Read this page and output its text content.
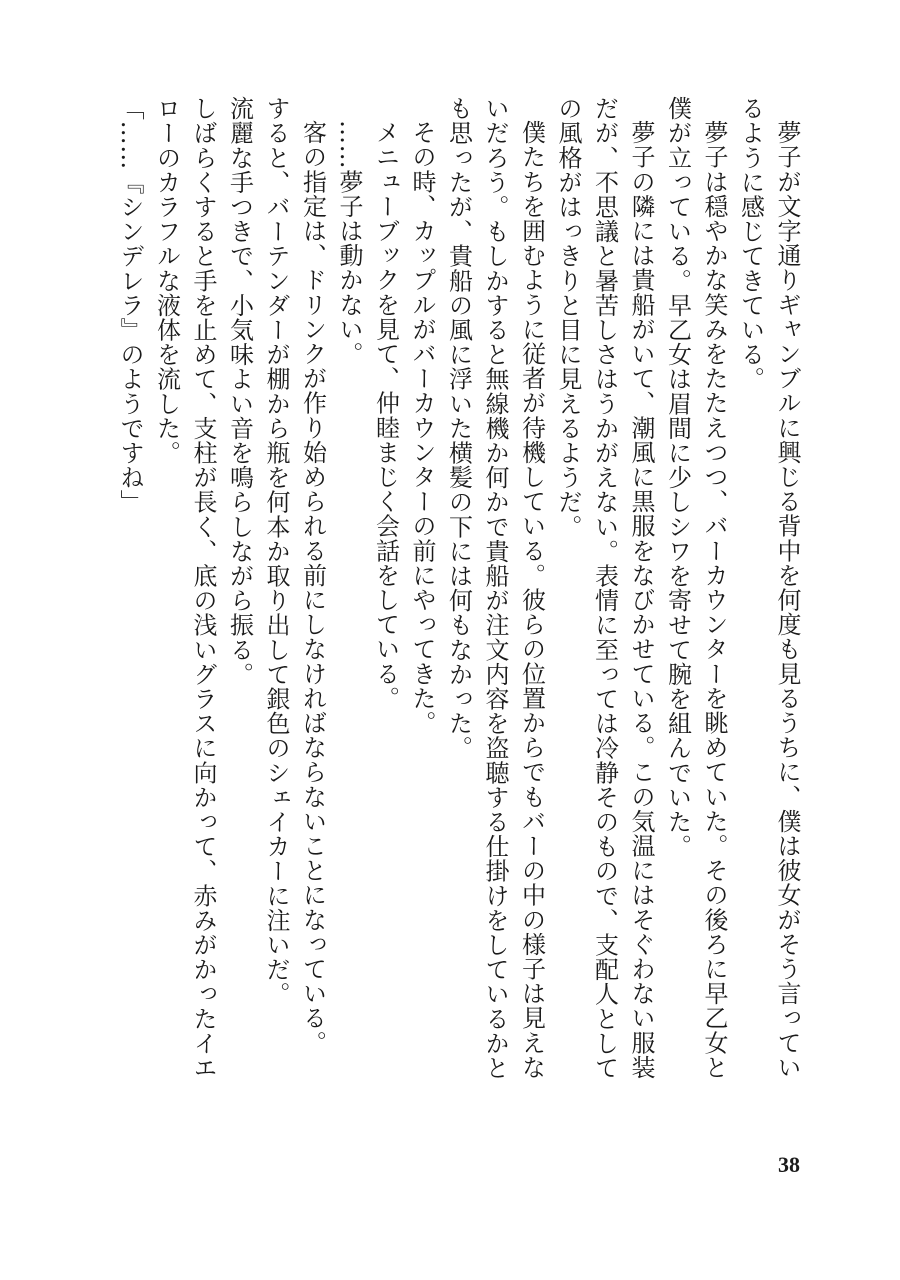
夢子が文字通りギャンブルに興じる背中を何度も見るうちに、僕は彼女がそう言っているように感じてきている。

夢子は穏やかな笑みをたたえつつ、バーカウンターを眺めていた。その後ろに早乙女と僕が立っている。早乙女は眉間に少しシワを寄せて腕を組んでいた。

夢子の隣には貴船がいて、潮風に黒服をなびかせている。この気温にはそぐわない服装だが、不思議と暑苦しさはうかがえない。表情に至っては冷静そのもので、支配人としての風格がはっきりと目に見えるようだ。

僕たちを囲むように従者が待機している。彼らの位置からでもバーの中の様子は見えないだろう。もしかすると無線機か何かで貴船が注文内容を盗聴する仕掛けをしているかとも思ったが、貴船の風に浮いた横髪の下には何もなかった。

その時、カップルがバーカウンターの前にやってきた。

メニューブックを見て、仲睦まじく会話をしている。

……夢子は動かない。

客の指定は、ドリンクが作り始められる前にしなければならないことになっている。

すると、バーテンダーが棚から瓶を何本か取り出して銀色のシェイカーに注いだ。

流麗な手つきで、小気味よい音を鳴らしながら振る。

しばらくすると手を止めて、支柱が長く、底の浅いグラスに向かって、赤みがかったイエローのカラフルな液体を流した。

「……『シンデレラ』のようですね」

38
